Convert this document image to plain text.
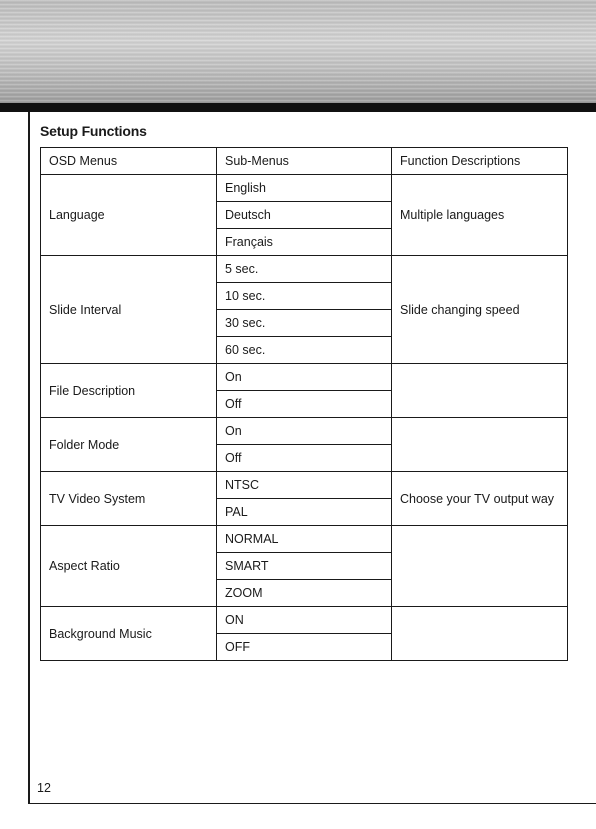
Setup Functions
OSD Menus	Sub-Menus	Function Descriptions
Language	English	Multiple languages
	Deutsch	
	Français	
Slide Interval	5 sec.	Slide changing speed
	10 sec.	
	30 sec.	
	60 sec.	
File Description	On	
	Off	
Folder Mode	On	
	Off	
TV Video System	NTSC	Choose your TV output way
	PAL	
Aspect Ratio	NORMAL	
	SMART	
	ZOOM	
Background Music	ON	
	OFF	
12
